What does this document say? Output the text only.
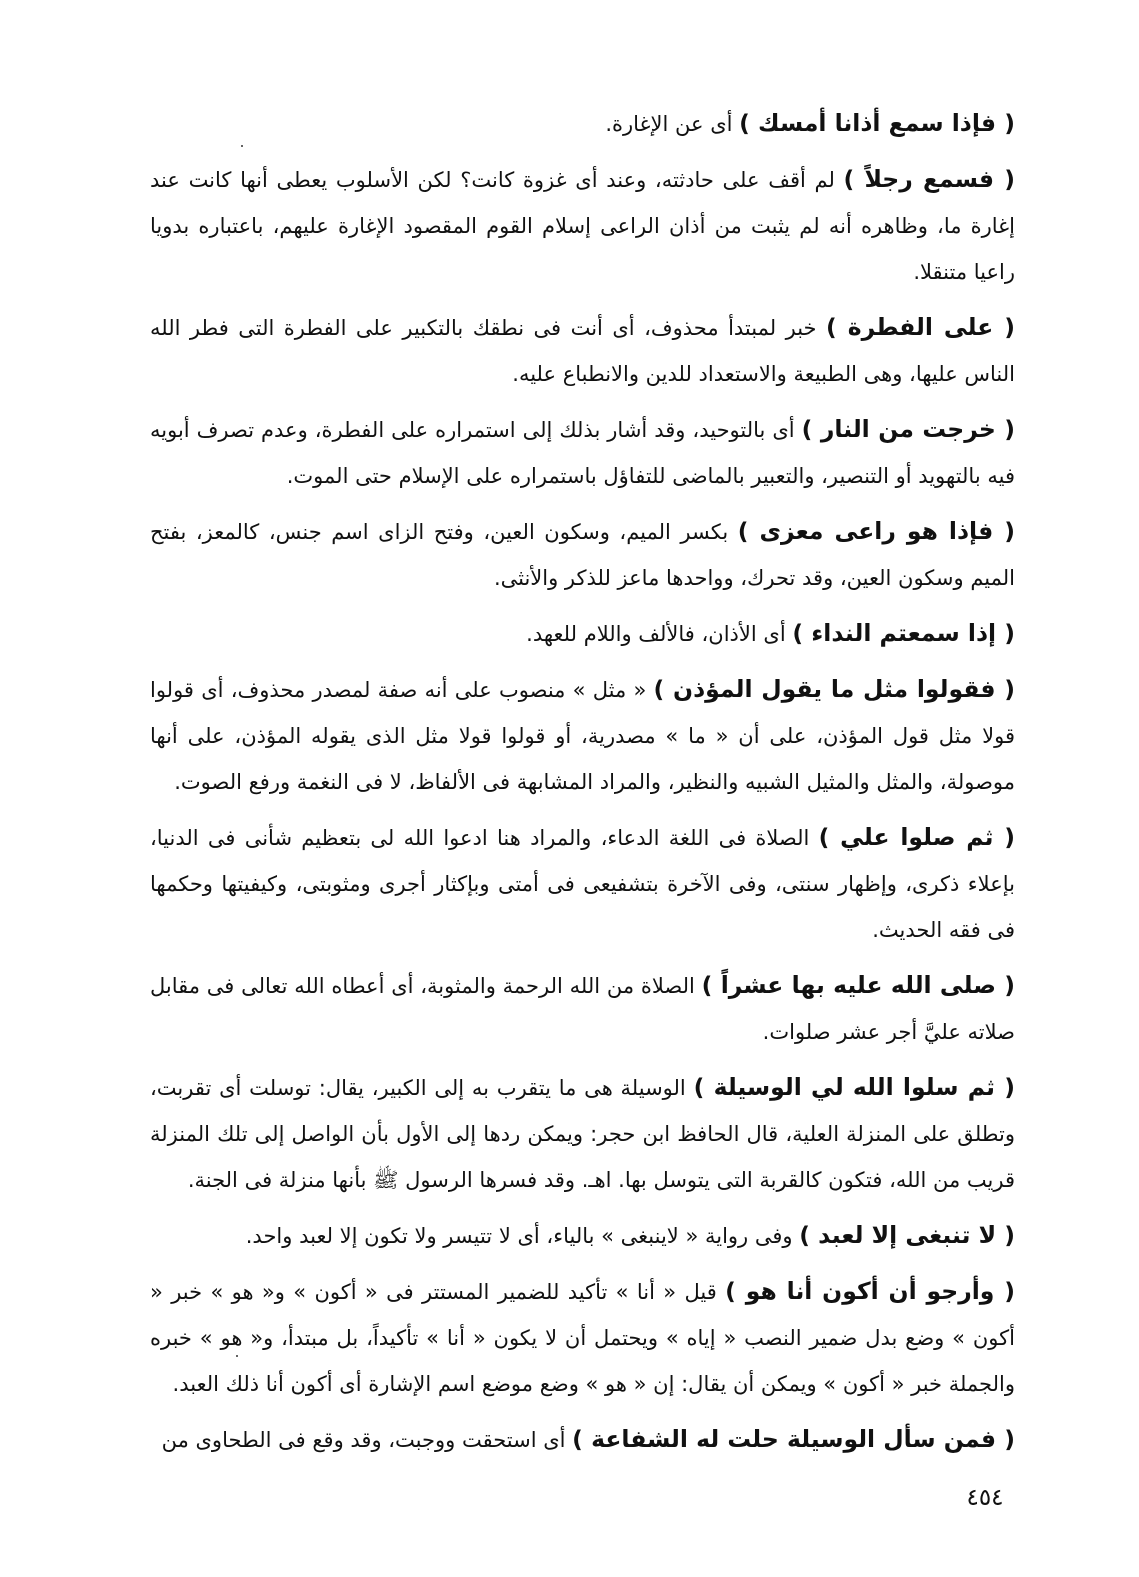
( فإذا سمع أذانا أمسك ) أى عن الإغارة.

( فسمع رجلاً ) لم أقف على حادثته، وعند أى غزوة كانت؟ لكن الأسلوب يعطى أنها كانت عند إغارة ما، وظاهره أنه لم يثبت من أذان الراعى إسلام القوم المقصود الإغارة عليهم، باعتباره بدويا راعيا متنقلا.

( على الفطرة ) خبر لمبتدأ محذوف، أى أنت فى نطقك بالتكبير على الفطرة التى فطر الله الناس عليها، وهى الطبيعة والاستعداد للدين والانطباع عليه.

( خرجت من النار ) أى بالتوحيد، وقد أشار بذلك إلى استمراره على الفطرة، وعدم تصرف أبويه فيه بالتهويد أو التنصير، والتعبير بالماضى للتفاؤل باستمراره على الإسلام حتى الموت.

( فإذا هو راعى معزى ) بكسر الميم، وسكون العين، وفتح الزاى اسم جنس، كالمعز، بفتح الميم وسكون العين، وقد تحرك، وواحدها ماعز للذكر والأنثى.

( إذا سمعتم النداء ) أى الأذان، فالألف واللام للعهد.

( فقولوا مثل ما يقول المؤذن ) « مثل » منصوب على أنه صفة لمصدر محذوف، أى قولوا قولا مثل قول المؤذن، على أن « ما » مصدرية، أو قولوا قولا مثل الذى يقوله المؤذن، على أنها موصولة، والمثل والمثيل الشبيه والنظير، والمراد المشابهة فى الألفاظ، لا فى النغمة ورفع الصوت.

( ثم صلوا علي ) الصلاة فى اللغة الدعاء، والمراد هنا ادعوا الله لى بتعظيم شأنى فى الدنيا، بإعلاء ذكرى، وإظهار سنتى، وفى الآخرة بتشفيعى فى أمتى وبإكثار أجرى ومثوبتى، وكيفيتها وحكمها فى فقه الحديث.

( صلى الله عليه بها عشراً ) الصلاة من الله الرحمة والمثوبة، أى أعطاه الله تعالى فى مقابل صلاته عليَّ أجر عشر صلوات.

( ثم سلوا الله لي الوسيلة ) الوسيلة هى ما يتقرب به إلى الكبير، يقال: توسلت أى تقربت، وتطلق على المنزلة العلية، قال الحافظ ابن حجر: ويمكن ردها إلى الأول بأن الواصل إلى تلك المنزلة قريب من الله، فتكون كالقربة التى يتوسل بها. اهـ. وقد فسرها الرسول ﷺ بأنها منزلة فى الجنة.

( لا تنبغى إلا لعبد ) وفى رواية « لاينبغى » بالياء، أى لا تتيسر ولا تكون إلا لعبد واحد.

( وأرجو أن أكون أنا هو ) قيل « أنا » تأكيد للضمير المستتر فى « أكون » و« هو » خبر « أكون » وضع بدل ضمير النصب « إياه » ويحتمل أن لا يكون « أنا » تأكيداً، بل مبتدأ، و« هو » خبره والجملة خبر « أكون » ويمكن أن يقال: إن « هو » وضع موضع اسم الإشارة أى أكون أنا ذلك العبد.

( فمن سأل الوسيلة حلت له الشفاعة ) أى استحقت ووجبت، وقد وقع فى الطحاوى من

٤٥٤
